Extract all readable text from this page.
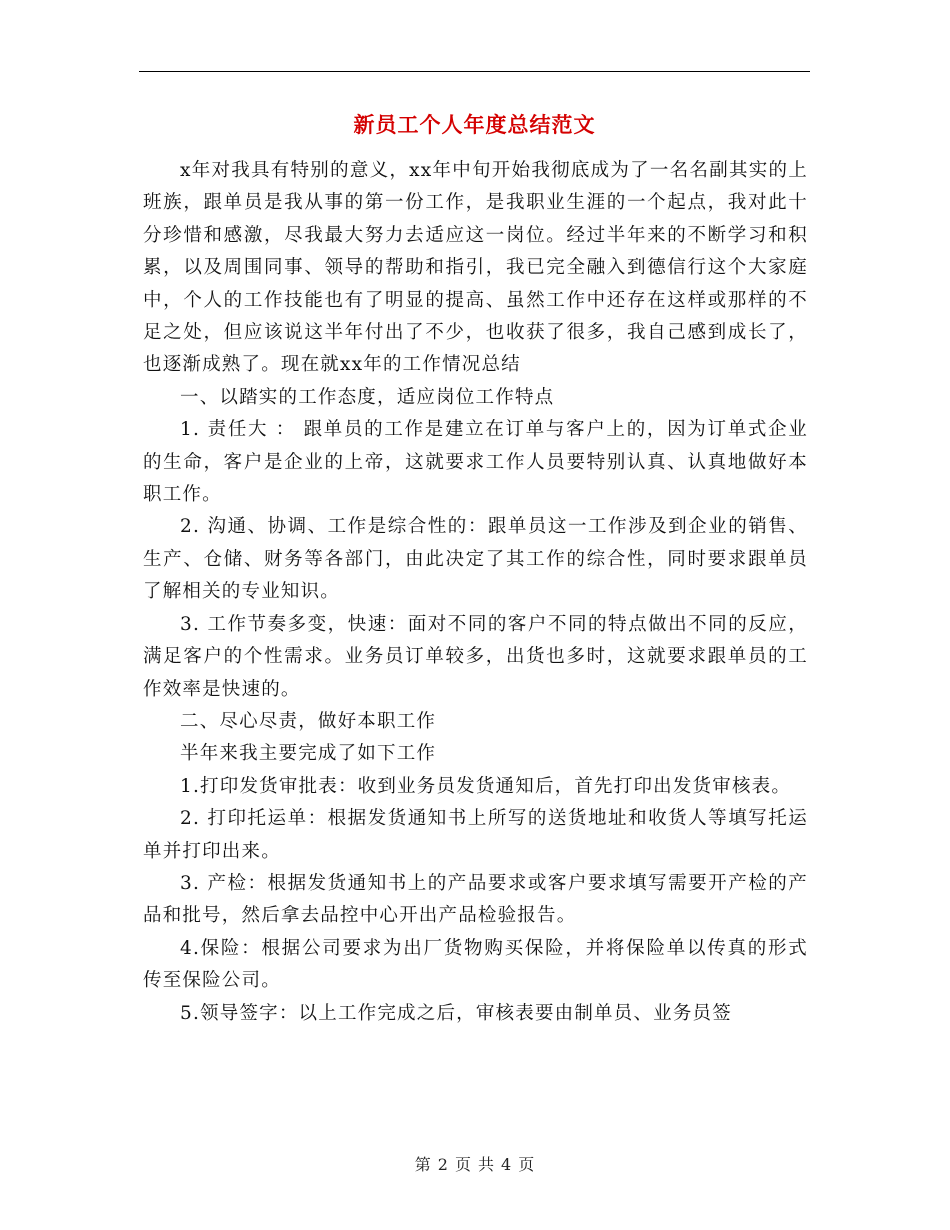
新员工个人年度总结范文

x年对我具有特别的意义，xx年中旬开始我彻底成为了一名名副其实的上班族，跟单员是我从事的第一份工作，是我职业生涯的一个起点，我对此十分珍惜和感激，尽我最大努力去适应这一岗位。经过半年来的不断学习和积累，以及周围同事、领导的帮助和指引，我已完全融入到德信行这个大家庭中，个人的工作技能也有了明显的提高、虽然工作中还存在这样或那样的不足之处，但应该说这半年付出了不少，也收获了很多，我自己感到成长了，也逐渐成熟了。现在就xx年的工作情况总结

一、以踏实的工作态度，适应岗位工作特点

1. 责任大 ： 跟单员的工作是建立在订单与客户上的，因为订单式企业的生命，客户是企业的上帝，这就要求工作人员要特别认真、认真地做好本职工作。

2. 沟通、协调、工作是综合性的：跟单员这一工作涉及到企业的销售、生产、仓储、财务等各部门，由此决定了其工作的综合性，同时要求跟单员了解相关的专业知识。

3. 工作节奏多变，快速：面对不同的客户不同的特点做出不同的反应，满足客户的个性需求。业务员订单较多，出货也多时，这就要求跟单员的工作效率是快速的。

二、尽心尽责，做好本职工作

半年来我主要完成了如下工作

1.打印发货审批表：收到业务员发货通知后，首先打印出发货审核表。

2. 打印托运单：根据发货通知书上所写的送货地址和收货人等填写托运单并打印出来。

3. 产检：根据发货通知书上的产品要求或客户要求填写需要开产检的产品和批号，然后拿去品控中心开出产品检验报告。

4.保险：根据公司要求为出厂货物购买保险，并将保险单以传真的形式传至保险公司。

5.领导签字：以上工作完成之后，审核表要由制单员、业务员签

第 2 页 共 4 页
